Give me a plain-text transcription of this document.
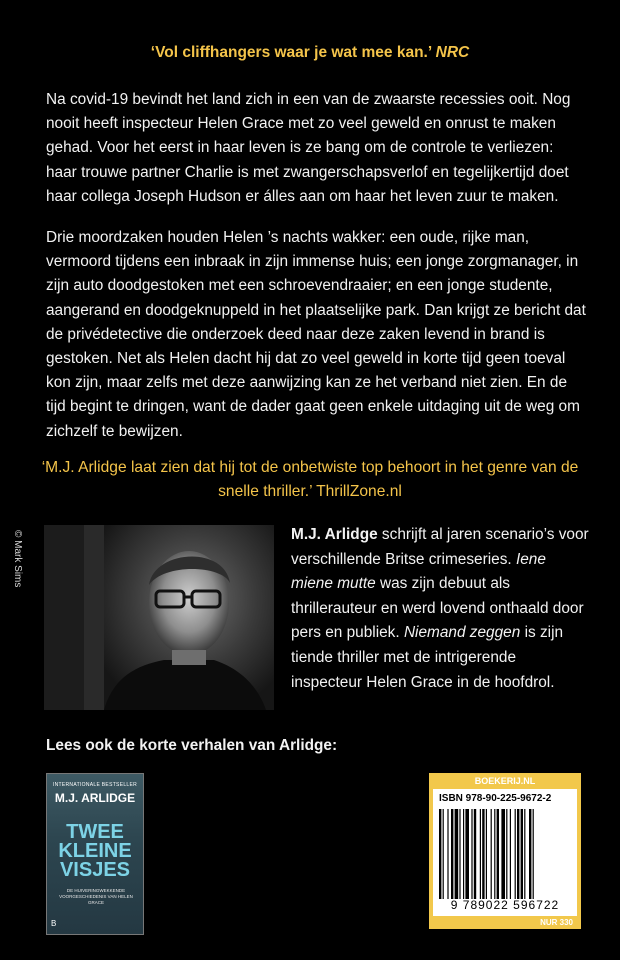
‘Vol cliffhangers waar je wat mee kan.’ NRC

Na covid-19 bevindt het land zich in een van de zwaarste recessies ooit. Nog nooit heeft inspecteur Helen Grace met zo veel geweld en onrust te maken gehad. Voor het eerst in haar leven is ze bang om de controle te verliezen: haar trouwe partner Charlie is met zwangerschapsverlof en tegelijkertijd doet haar collega Joseph Hudson er álles aan om haar het leven zuur te maken.

Drie moordzaken houden Helen ’s nachts wakker: een oude, rijke man, vermoord tijdens een inbraak in zijn immense huis; een jonge zorgmanager, in zijn auto doodgestoken met een schroevendraaier; en een jonge studente, aangerand en doodgeknuppeld in het plaatselijke park. Dan krijgt ze bericht dat de privédetective die onderzoek deed naar deze zaken levend in brand is gestoken. Net als Helen dacht hij dat zo veel geweld in korte tijd geen toeval kon zijn, maar zelfs met deze aanwijzing kan ze het verband niet zien. En de tijd begint te dringen, want de dader gaat geen enkele uitdaging uit de weg om zichzelf te bewijzen.

‘M.J. Arlidge laat zien dat hij tot de onbetwiste top behoort in het genre van de snelle thriller.’ ThrillZone.nl

© Mark Sims	M.J. Arlidge schrijft al jaren scenario’s voor verschillende Britse crimeseries. Iene miene mutte was zijn debuut als thrillerauteur en werd lovend onthaald door pers en publiek. Niemand zeggen is zijn tiende thriller met de intrigerende inspecteur Helen Grace in de hoofdrol.

Lees ook de korte verhalen van Arlidge:
INTERNATIONALE BESTSELLER
M.J. ARLIDGE
TWEE
KLEINE
VISJES
DE HUIVERINGWEKKENDE VOORGESCHIEDENIS VAN HELEN GRACE
B
BOEKERIJ.NL
ISBN 978-90-225-9672-2
9 789022 596722
NUR 330
